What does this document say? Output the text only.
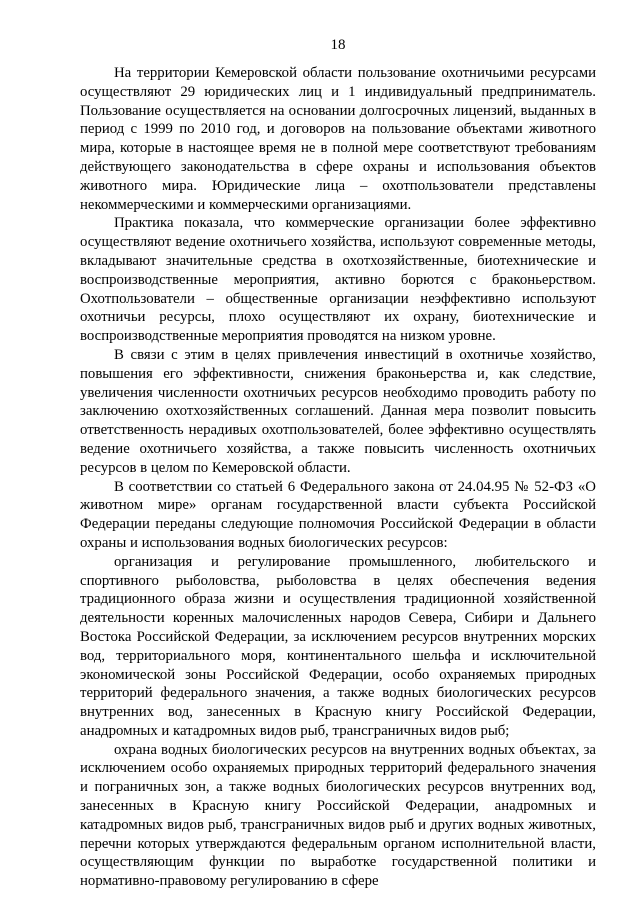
18

На территории Кемеровской области пользование охотничьими ресурсами осуществляют 29 юридических лиц и 1 индивидуальный предприниматель. Пользование осуществляется на основании долгосрочных лицензий, выданных в период с 1999 по 2010 год, и договоров на пользование объектами животного мира, которые в настоящее время не в полной мере соответствуют требованиям действующего законодательства в сфере охраны и использования объектов животного мира. Юридические лица – охотпользователи представлены некоммерческими и коммерческими организациями.

Практика показала, что коммерческие организации более эффективно осуществляют ведение охотничьего хозяйства, используют современные методы, вкладывают значительные средства в охотхозяйственные, биотехнические и воспроизводственные мероприятия, активно борются с браконьерством. Охотпользователи – общественные организации неэффективно используют охотничьи ресурсы, плохо осуществляют их охрану, биотехнические и воспроизводственные мероприятия проводятся на низком уровне.

В связи с этим в целях привлечения инвестиций в охотничье хозяйство, повышения его эффективности, снижения браконьерства и, как следствие, увеличения численности охотничьих ресурсов необходимо проводить работу по заключению охотхозяйственных соглашений. Данная мера позволит повысить ответственность нерадивых охотпользователей, более эффективно осуществлять ведение охотничьего хозяйства, а также повысить численность охотничьих ресурсов в целом по Кемеровской области.

В соответствии со статьей 6 Федерального закона от 24.04.95 № 52-ФЗ «О животном мире» органам государственной власти субъекта Российской Федерации переданы следующие полномочия Российской Федерации в области охраны и использования водных биологических ресурсов:

организация и регулирование промышленного, любительского и спортивного рыболовства, рыболовства в целях обеспечения ведения традиционного образа жизни и осуществления традиционной хозяйственной деятельности коренных малочисленных народов Севера, Сибири и Дальнего Востока Российской Федерации, за исключением ресурсов внутренних морских вод, территориального моря, континентального шельфа и исключительной экономической зоны Российской Федерации, особо охраняемых природных территорий федерального значения, а также водных биологических ресурсов внутренних вод, занесенных в Красную книгу Российской Федерации, анадромных и катадромных видов рыб, трансграничных видов рыб;

охрана водных биологических ресурсов на внутренних водных объектах, за исключением особо охраняемых природных территорий федерального значения и пограничных зон, а также водных биологических ресурсов внутренних вод, занесенных в Красную книгу Российской Федерации, анадромных и катадромных видов рыб, трансграничных видов рыб и других водных животных, перечни которых утверждаются федеральным органом исполнительной власти, осуществляющим функции по выработке государственной политики и нормативно-правовому регулированию в сфере
